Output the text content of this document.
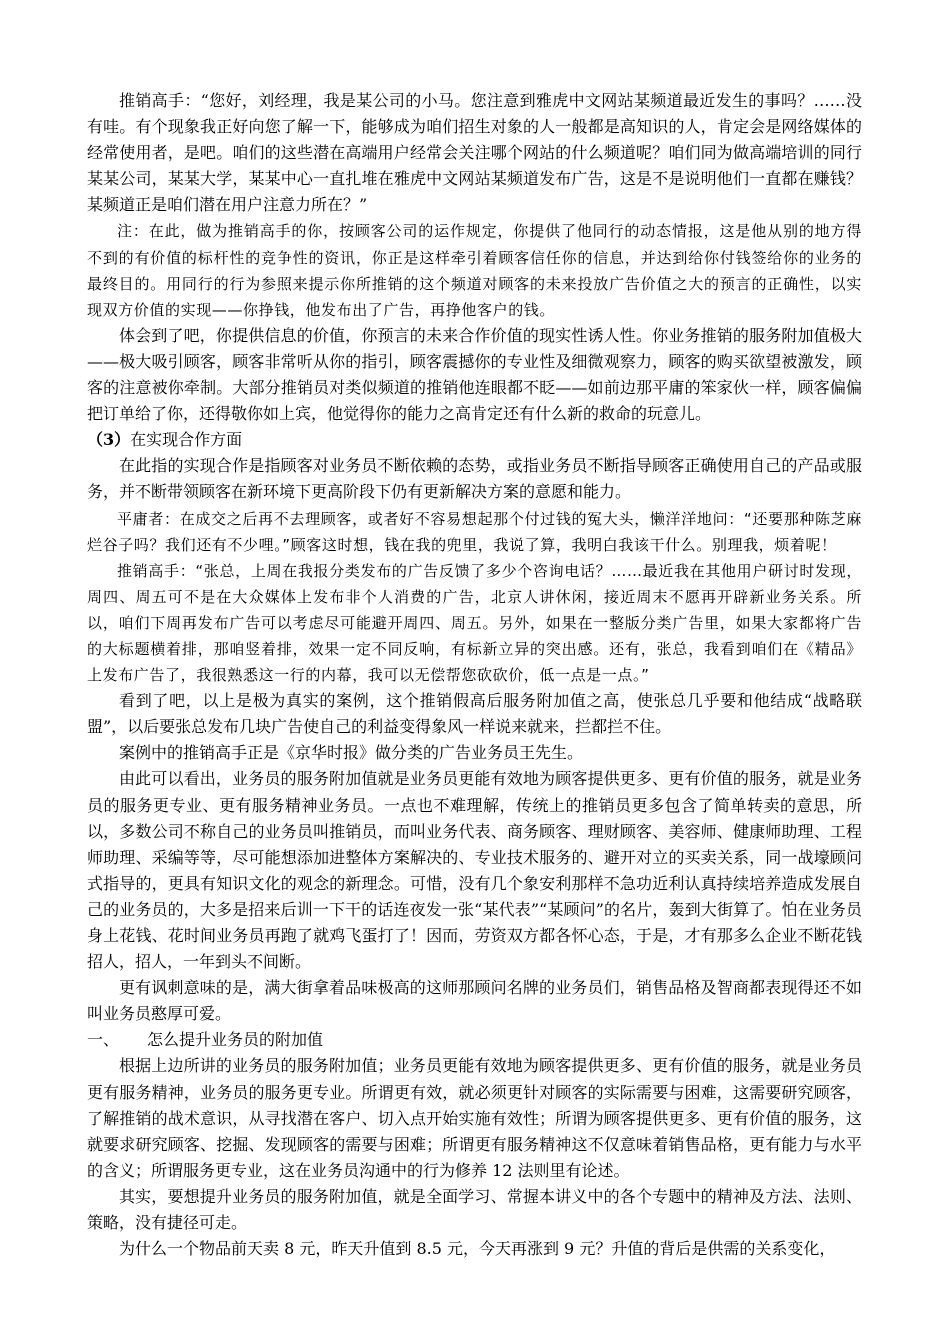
推销高手：“您好，刘经理，我是某公司的小马。您注意到雅虎中文网站某频道最近发生的事吗？……没有哇。有个现象我正好向您了解一下，能够成为咱们招生对象的人一般都是高知识的人，肯定会是网络媒体的经常使用者，是吧。咱们的这些潜在高端用户经常会关注哪个网站的什么频道呢？咱们同为做高端培训的同行某某公司，某某大学，某某中心一直扎堆在雅虎中文网站某频道发布广告，这是不是说明他们一直都在赚钱？某频道正是咱们潜在用户注意力所在？”

注：在此，做为推销高手的你，按顾客公司的运作规定，你提供了他同行的动态情报，这是他从别的地方得不到的有价值的标杆性的竞争性的资讯，你正是这样牵引着顾客信任你的信息，并达到给你付钱签给你的业务的最终目的。用同行的行为参照来提示你所推销的这个频道对顾客的未来投放广告价值之大的预言的正确性，以实现双方价值的实现——你挣钱，他发布出了广告，再挣他客户的钱。

体会到了吧，你提供信息的价值，你预言的未来合作价值的现实性诱人性。你业务推销的服务附加值极大——极大吸引顾客，顾客非常听从你的指引，顾客震撼你的专业性及细微观察力，顾客的购买欲望被激发，顾客的注意被你牵制。大部分推销员对类似频道的推销他连眼都不眨——如前边那平庸的笨家伙一样，顾客偏偏把订单给了你，还得敬你如上宾，他觉得你的能力之高肯定还有什么新的救命的玩意儿。

（3）在实现合作方面

在此指的实现合作是指顾客对业务员不断依赖的态势，或指业务员不断指导顾客正确使用自己的产品或服务，并不断带领顾客在新环境下更高阶段下仍有更新解决方案的意愿和能力。

平庸者：在成交之后再不去理顾客，或者好不容易想起那个付过钱的冤大头，懒洋洋地问：“还要那种陈芝麻烂谷子吗？我们还有不少哩。”顾客这时想，钱在我的兜里，我说了算，我明白我该干什么。别理我，烦着呢！

推销高手：“张总，上周在我报分类发布的广告反馈了多少个咨询电话？……最近我在其他用户研讨时发现，周四、周五可不是在大众媒体上发布非个人消费的广告，北京人讲休闲，接近周末不愿再开辟新业务关系。所以，咱们下周再发布广告可以考虑尽可能避开周四、周五。另外，如果在一整版分类广告里，如果大家都将广告的大标题横着排，那咱竖着排，效果一定不同反响，有标新立异的突出感。还有，张总，我看到咱们在《精品》上发布广告了，我很熟悉这一行的内幕，我可以无偿帮您砍砍价，低一点是一点。”

看到了吧，以上是极为真实的案例，这个推销假高后服务附加值之高，使张总几乎要和他结成“战略联盟”，以后要张总发布几块广告使自己的利益变得象风一样说来就来，拦都拦不住。

案例中的推销高手正是《京华时报》做分类的广告业务员王先生。

由此可以看出，业务员的服务附加值就是业务员更能有效地为顾客提供更多、更有价值的服务，就是业务员的服务更专业、更有服务精神业务员。一点也不难理解，传统上的推销员更多包含了简单转卖的意思，所以，多数公司不称自己的业务员叫推销员，而叫业务代表、商务顾客、理财顾客、美容师、健康师助理、工程师助理、采编等等，尽可能想添加进整体方案解决的、专业技术服务的、避开对立的买卖关系，同一战壕顾问式指导的，更具有知识文化的观念的新理念。可惜，没有几个象安利那样不急功近利认真持续培养造成发展自己的业务员的，大多是招来后训一下干的话连夜发一张“某代表”“某顾问”的名片，轰到大街算了。怕在业务员身上花钱、花时间业务员再跑了就鸡飞蛋打了！因而，劳资双方都各怀心态，于是，才有那多么企业不断花钱招人，招人，一年到头不间断。

更有讽刺意味的是，满大街拿着品味极高的这师那顾问名牌的业务员们，销售品格及智商都表现得还不如叫业务员憨厚可爱。

一、	怎么提升业务员的附加值

根据上边所讲的业务员的服务附加值；业务员更能有效地为顾客提供更多、更有价值的服务，就是业务员更有服务精神，业务员的服务更专业。所谓更有效，就必须更针对顾客的实际需要与困难，这需要研究顾客，了解推销的战术意识，从寻找潜在客户、切入点开始实施有效性；所谓为顾客提供更多、更有价值的服务，这就要求研究顾客、挖掘、发现顾客的需要与困难；所谓更有服务精神这不仅意味着销售品格，更有能力与水平的含义；所谓服务更专业，这在业务员沟通中的行为修养 12 法则里有论述。

其实，要想提升业务员的服务附加值，就是全面学习、常握本讲义中的各个专题中的精神及方法、法则、策略，没有捷径可走。

为什么一个物品前天卖 8 元，昨天升值到 8.5 元，今天再涨到 9 元？升值的背后是供需的关系变化，
